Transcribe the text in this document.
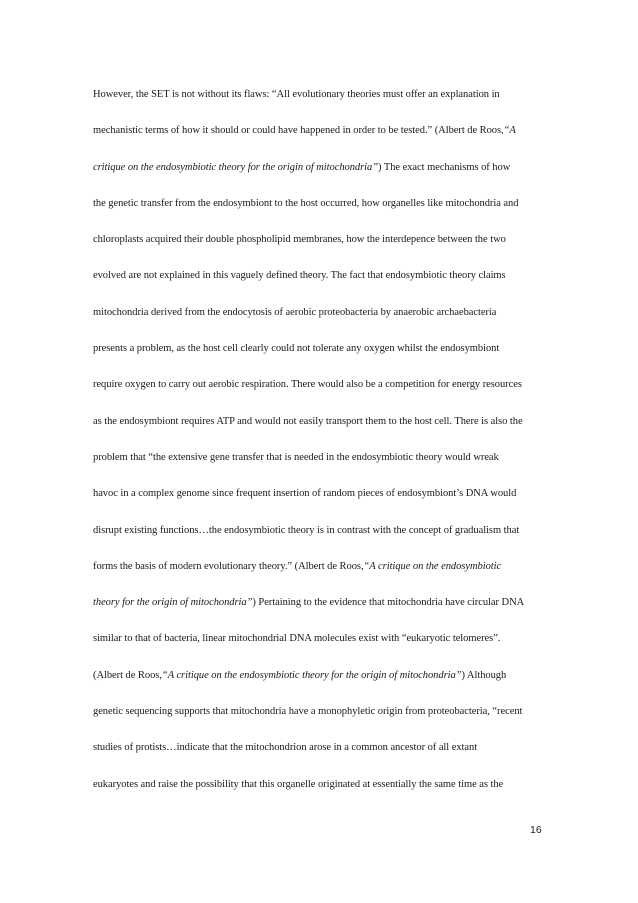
However, the SET is not without its flaws: “All evolutionary theories must offer an explanation in
mechanistic terms of how it should or could have happened in order to be tested.” (Albert de Roos,“A
critique on the endosymbiotic theory for the origin of mitochondria”) The exact mechanisms of how
the genetic transfer from the endosymbiont to the host occurred, how organelles like mitochondria and
chloroplasts acquired their double phospholipid membranes, how the interdepence between the two
evolved are not explained in this vaguely defined theory. The fact that endosymbiotic theory claims
mitochondria derived from the endocytosis of aerobic proteobacteria by anaerobic archaebacteria
presents a problem, as the host cell clearly could not tolerate any oxygen whilst the endosymbiont
require oxygen to carry out aerobic respiration. There would also be a competition for energy resources
as the endosymbiont requires ATP and would not easily transport them to the host cell. There is also the
problem that “the extensive gene transfer that is needed in the endosymbiotic theory would wreak
havoc in a complex genome since frequent insertion of random pieces of endosymbiont’s DNA would
disrupt existing functions…the endosymbiotic theory is in contrast with the concept of gradualism that
forms the basis of modern evolutionary theory.” (Albert de Roos,“A critique on the endosymbiotic
theory for the origin of mitochondria”) Pertaining to the evidence that mitochondria have circular DNA
similar to that of bacteria, linear mitochondrial DNA molecules exist with “eukaryotic telomeres”.
(Albert de Roos,“A critique on the endosymbiotic theory for the origin of mitochondria”) Although
genetic sequencing supports that mitochondria have a monophyletic origin from proteobacteria, “recent
studies of protists…indicate that the mitochondrion arose in a common ancestor of all extant
eukaryotes and raise the possibility that this organelle originated at essentially the same time as the
16
